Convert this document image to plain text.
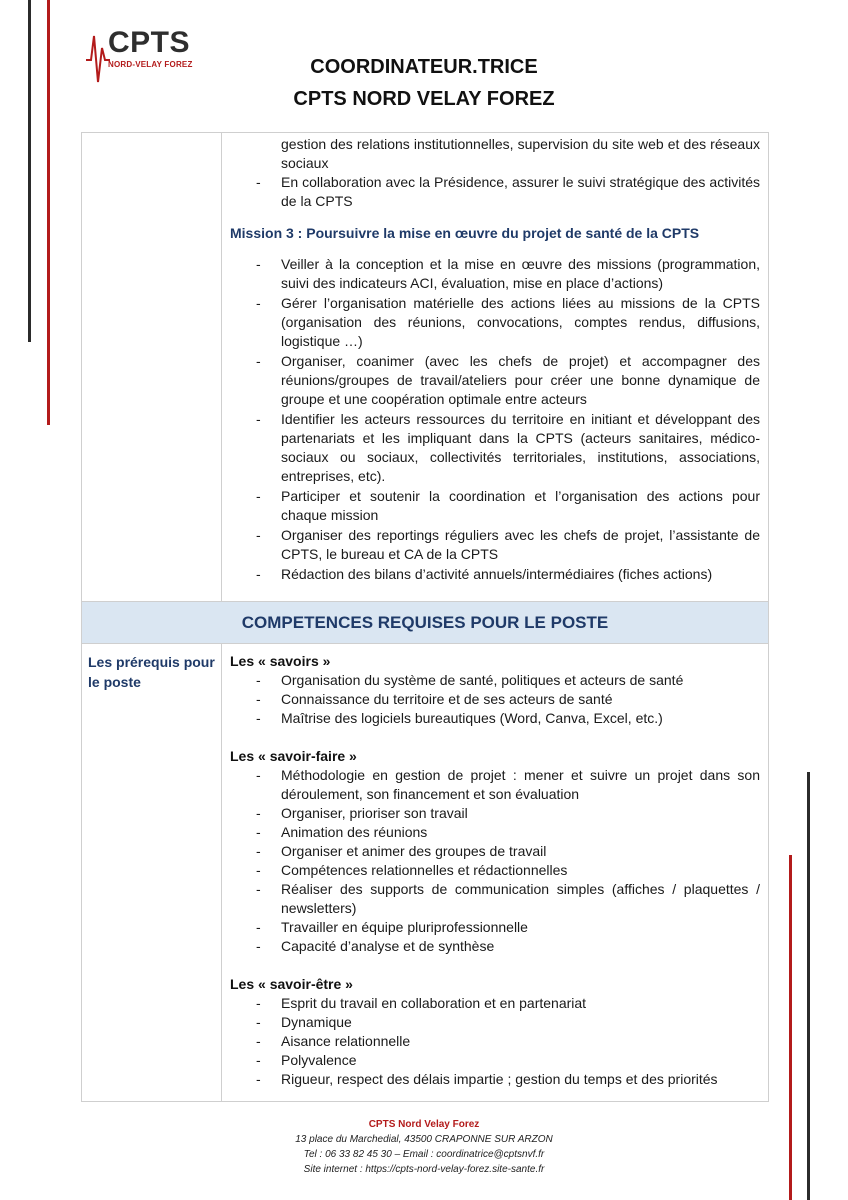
CPTS
NORD-VELAY FOREZ	COORDINATEUR.TRICE
CPTS NORD VELAY FOREZ
gestion des relations institutionnelles, supervision du site web et des réseaux sociaux
- En collaboration avec la Présidence, assurer le suivi stratégique des activités de la CPTS
Mission 3 : Poursuivre la mise en œuvre du projet de santé de la CPTS
- Veiller à la conception et la mise en œuvre des missions (programmation, suivi des indicateurs ACI, évaluation, mise en place d’actions)
- Gérer l’organisation matérielle des actions liées au missions de la CPTS (organisation des réunions, convocations, comptes rendus, diffusions, logistique …)
- Organiser, coanimer (avec les chefs de projet) et accompagner des réunions/groupes de travail/ateliers pour créer une bonne dynamique de groupe et une coopération optimale entre acteurs
- Identifier les acteurs ressources du territoire en initiant et développant des partenariats et les impliquant dans la CPTS (acteurs sanitaires, médico-sociaux ou sociaux, collectivités territoriales, institutions, associations, entreprises, etc).
- Participer et soutenir la coordination et l’organisation des actions pour chaque mission
- Organiser des reportings réguliers avec les chefs de projet, l’assistante de CPTS, le bureau et CA de la CPTS
- Rédaction des bilans d’activité annuels/intermédiaires (fiches actions)
COMPETENCES REQUISES POUR LE POSTE
Les prérequis pour le poste
Les « savoirs »
- Organisation du système de santé, politiques et acteurs de santé
- Connaissance du territoire et de ses acteurs de santé
- Maîtrise des logiciels bureautiques (Word, Canva, Excel, etc.)
Les « savoir-faire »
- Méthodologie en gestion de projet : mener et suivre un projet dans son déroulement, son financement et son évaluation
- Organiser, prioriser son travail
- Animation des réunions
- Organiser et animer des groupes de travail
- Compétences relationnelles et rédactionnelles
- Réaliser des supports de communication simples (affiches / plaquettes / newsletters)
- Travailler en équipe pluriprofessionnelle
- Capacité d’analyse et de synthèse
Les « savoir-être »
- Esprit du travail en collaboration et en partenariat
- Dynamique
- Aisance relationnelle
- Polyvalence
- Rigueur, respect des délais impartie ; gestion du temps et des priorités
CPTS Nord Velay Forez
13 place du Marchedial, 43500 CRAPONNE SUR ARZON
Tel : 06 33 82 45 30 – Email : coordinatrice@cptsnvf.fr
Site internet : https://cpts-nord-velay-forez.site-sante.fr
